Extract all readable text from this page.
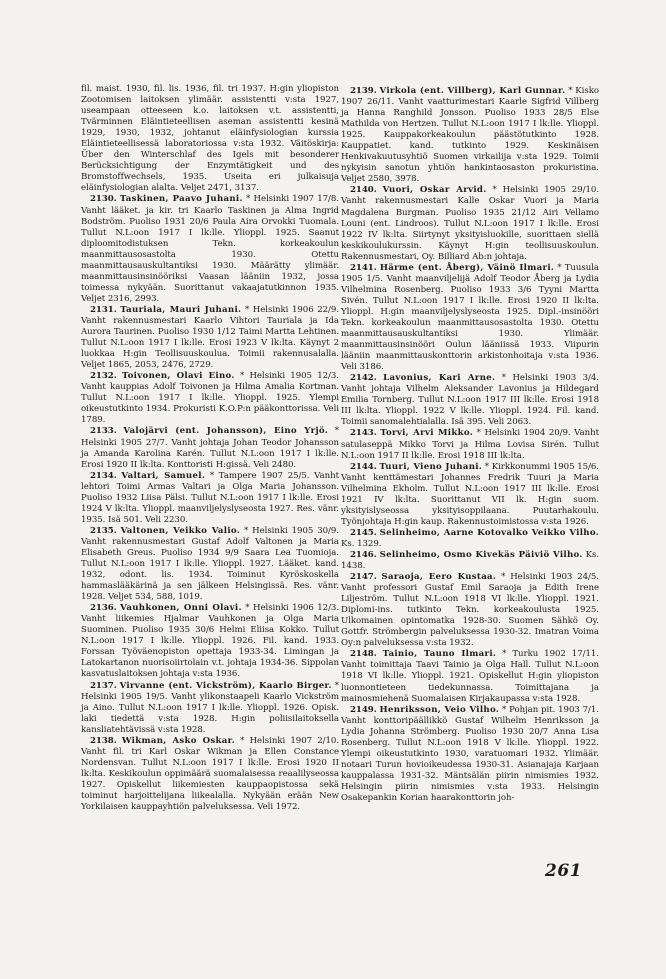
fil. maist. 1930, fil. lis. 1936, fil. tri 1937. H:gin yliopiston Zootomisen laitoksen ylimäär. assistentti v:sta 1927, useampaan otteeseen k.o. laitoksen v.t. assistentti, Tvärminnen Eläintieteellisen aseman assistentti kesinä 1929, 1930, 1932, johtanut eläinfysiologian kurssia Eläintieteellisessä laboratoriossa v:sta 1932. Väitöskirja: Über den Winterschlaf des Igels mit besonderer Berücksichtigung der Enzymtätigkeit und des Bromstoffwechsels, 1935. Useita eri julkaisuja eläinfysiologian alalta. Veljet 2471, 3137.

2130. Taskinen, Paavo Juhani. * Helsinki 1907 17/8. Vanht lääket. ja kir. tri Kaarlo Taskinen ja Alma Ingrid Bodström. Puoliso 1931 20/6 Paula Aira Orvokki Tuomala. Tullut N.L:oon 1917 I lk:lle. Ylioppl. 1925. Saanut diploomitodistuksen Tekn. korkeakoulun maanmittausosastolta 1930. Otettu maanmittausauskultantiksi 1930. Määrätty ylimäär. maanmittausinsinööriksi Vaasan lääniin 1932, jossa toimessa nykyään. Suorittanut vakaajatutkinnon 1935. Veljet 2316, 2993.

2131. Tauriala, Mauri Juhani. * Helsinki 1906 22/9. Vanht rakennusmestari Kaarlo Vihtori Tauriala ja Ida Aurora Taurinen. Puoliso 1930 1/12 Taimi Martta Lehtinen. Tullut N.L:oon 1917 I lk:lle. Erosi 1923 V lk:lta. Käynyt 2 luokkaa H:gin Teollisuuskoulua. Toimii rakennusalalla. Veljet 1865, 2053, 2476, 2729.

2132. Toivonen, Olavi Eino. * Helsinki 1905 12/3. Vanht kauppias Adolf Toivonen ja Hilma Amalia Kortman. Tullut N.L:oon 1917 I lk:lle. Ylioppl. 1925. Ylempi oikeustutkinto 1934. Prokuristi K.O.P:n pääkonttorissa. Veli 1789.

2133. Valojärvi (ent. Johansson), Eino Yrjö. * Helsinki 1905 27/7. Vanht johtaja Johan Teodor Johansson ja Amanda Karolina Karén. Tullut N.L:oon 1917 I lk:lle. Erosi 1920 II lk:lta. Konttoristi H:gissä. Veli 2480.

2134. Valtari, Samuel. * Tampere 1907 25/5. Vanht lehtori Toimi Armas Valtari ja Olga Maria Johansson. Puoliso 1932 Liisa Pälsi. Tullut N.L:oon 1917 I lk:lle. Erosi 1924 V lk:lta. Ylioppl. maanviljelyslyseosta 1927. Res. vänr. 1935. Isä 501. Veli 2230.

2135. Valtonen, Veikko Valio. * Helsinki 1905 30/9. Vanht rakennusmestari Gustaf Adolf Valtonen ja Maria Elisabeth Greus. Puoliso 1934 9/9 Saara Lea Tuomioja. Tullut N.L:oon 1917 I lk:lle. Ylioppl. 1927. Lääket. kand. 1932, odont. lis. 1934. Toiminut Kyröskoskella hammaslääkärinä ja sen jälkeen Helsingissä. Res. vänr. 1928. Veljet 534, 588, 1019.

2136. Vauhkonen, Onni Olavi. * Helsinki 1906 12/3. Vanht liikemies Hjalmar Vauhkonen ja Olga Maria Suominen. Puoliso 1935 30/6 Helmi Eliisa Kokko. Tullut N.L:oon 1917 I lk:lle. Ylioppl. 1926. Fil. kand. 1933. Forssan Työväenopiston opettaja 1933-34. Limingan ja Latokartanon nuorisoiirtolain v.t. johtaja 1934-36. Sippolan kasvatuslaitoksen johtaja v:sta 1936.

2137. Virvanne (ent. Vickström), Kaarlo Birger. * Helsinki 1905 19/5. Vanht ylikonstaapeli Kaarlo Vickström ja Aino. Tullut N.L:oon 1917 I lk:lle. Ylioppl. 1926. Opisk. laki tiedettä v:sta 1928. H:gin poliisilaitoksella kansliatehtävissä v:sta 1928.

2138. Wikman, Asko Oskar. * Helsinki 1907 2/10. Vanht fil. tri Karl Oskar Wikman ja Ellen Constance Nordensvan. Tullut N.L:oon 1917 I lk:lle. Erosi 1920 II lk:lta. Keskikoulun oppimäärä suomalaisessa reaalilyseossa 1927. Opiskellut liikemiesten kauppaopistossa sekä toiminut harjoittelijana liikealalla. Nykyään erään New Yorkilaisen kauppayhtiön palveluksessa. Veli 1972.

2139. Virkola (ent. Villberg), Karl Gunnar. * Kisko 1907 26/11. Vanht vaatturimestari Kaarle Sigfrid Villberg ja Hanna Ranghild Jonsson. Puoliso 1933 28/5 Else Mathilda von Hertzen. Tullut N.L:oon 1917 I lk:lle. Ylioppl. 1925. Kauppakorkeakoulun päästötutkinto 1928. Kauppatiet. kand. tutkinto 1929. Keskinäisen Henkivakuutusyhtiö Suomen virkailija v:sta 1929. Toimii nykyisin sanotun yhtiön hankintaosaston prokuristina. Veljet 2580, 3978.

2140. Vuori, Oskar Arvid. * Helsinki 1905 29/10. Vanht rakennusmestari Kalle Oskar Vuori ja Maria Magdalena Burgman. Puoliso 1935 21/12 Airi Vellamo Louni (ent. Lindroos). Tullut N.L:oon 1917 I lk:lle. Erosi 1922 IV lk:lta. Siirtynyt yksityisluokille, suorittaen siellä keskikoulukurssin. Käynyt H:gin teollisuuskoulun. Rakennusmestari, Oy. Billiard Ab:n johtaja.

2141. Härme (ent. Åberg), Väinö Ilmari. * Tuusula 1905 1/5. Vanht maanviljelijä Adolf Teodor Åberg ja Lydia Vilhelmina Rosenberg. Puoliso 1933 3/6 Tyyni Martta Sivén. Tullut N.L:oon 1917 I lk:lle. Erosi 1920 II lk:lta. Ylioppl. H:gin maanviljelyslyseosta 1925. Dipl.-insinööri Tekn. korkeakoulun maanmittausosastolta 1930. Otettu maanmittausauskultantiksi 1930. Ylimäär. maanmittausinsinööri Oulun lääniissä 1933. Viipurin lääniin maanmittauskonttorin arkistonhoitaja v:sta 1936. Veli 3186.

2142. Lavonius, Kari Arne. * Helsinki 1903 3/4. Vanht johtaja Vilhelm Aleksander Lavonius ja Hildegard Emilia Tornberg. Tullut N.L:oon 1917 III lk:lle. Erosi 1918 III lk:lta. Ylioppl. 1922 V lk:lle. Ylioppl. 1924. Fil. kand. Toimii sanomalehtialalla. Isä 395. Veli 2063.

2143. Torvi, Arvi Mikko. * Helsinki 1904 20/9. Vanht satulaseppä Mikko Torvi ja Hilma Lovisa Sirén. Tullut N.L:oon 1917 II lk:lle. Erosi 1918 III lk:lta.

2144. Tuuri, Vieno Juhani. * Kirkkonummi 1905 15/6. Vanht kenttämestari Johannes Fredrik Tuuri ja Maria Vilhelmina Ekholm. Tullut N.L:oon 1917 III lk:lle. Erosi 1921 IV lk:lta. Suorittanut VII lk. H:gin suom. yksityislyseossa yksityisoppilaana. Puutarhakoulu. Työnjohtaja H:gin kaup. Rakennustoimistossa v:sta 1926.

2145. Selinheimo, Aarne Kotovalko Veikko Vilho. Ks. 1329.

2146. Selinheimo, Osmo Kivekäs Päiviö Vilho. Ks. 1438.

2147. Saraoja, Eero Kustaa. * Helsinki 1903 24/5. Vanht professori Gustaf Emil Saraoja ja Edith Irene Liljeström. Tullut N.L:oon 1918 VI lk:lle. Ylioppl. 1921. Diplomi-ins. tutkinto Tekn. korkeakoulusta 1925. Ulkomainen opintomatka 1928-30. Suomen Sähkö Oy. Gottfr. Strömbergin palveluksessa 1930-32. Imatran Voima Oy:n palveluksessa v:sta 1932.

2148. Tainio, Tauno Ilmari. * Turku 1902 17/11. Vanht toimittaja Taavi Tainio ja Olga Hall. Tullut N.L:oon 1918 VI lk:lle. Ylioppl. 1921. Opiskellut H:gin yliopiston luonnontieteen tiedekunnassa. Toimittajana ja mainosmiehenä Suomalaisen Kirjakaupassa v:sta 1928.

2149. Henriksson, Veio Vilho. * Pohjan pit. 1903 7/1. Vanht konttoripäällikkö Gustaf Wilhelm Henriksson ja Lydia Johanna Strömberg. Puoliso 1930 20/7 Anna Lisa Rosenberg. Tullut N.L:oon 1918 V lk:lle. Ylioppl. 1922. Ylempi oikeustutkinto 1930, varatuomari 1932. Ylimäär. notaari Turun hovioikeudessa 1930-31. Asianajaja Karjaan kauppalassa 1931-32. Mäntsälän piirin nimismies 1932. Helsingin piirin nimismies v:sta 1933. Helsingin Osakepankin Korian haarakonttorin joh-

261
